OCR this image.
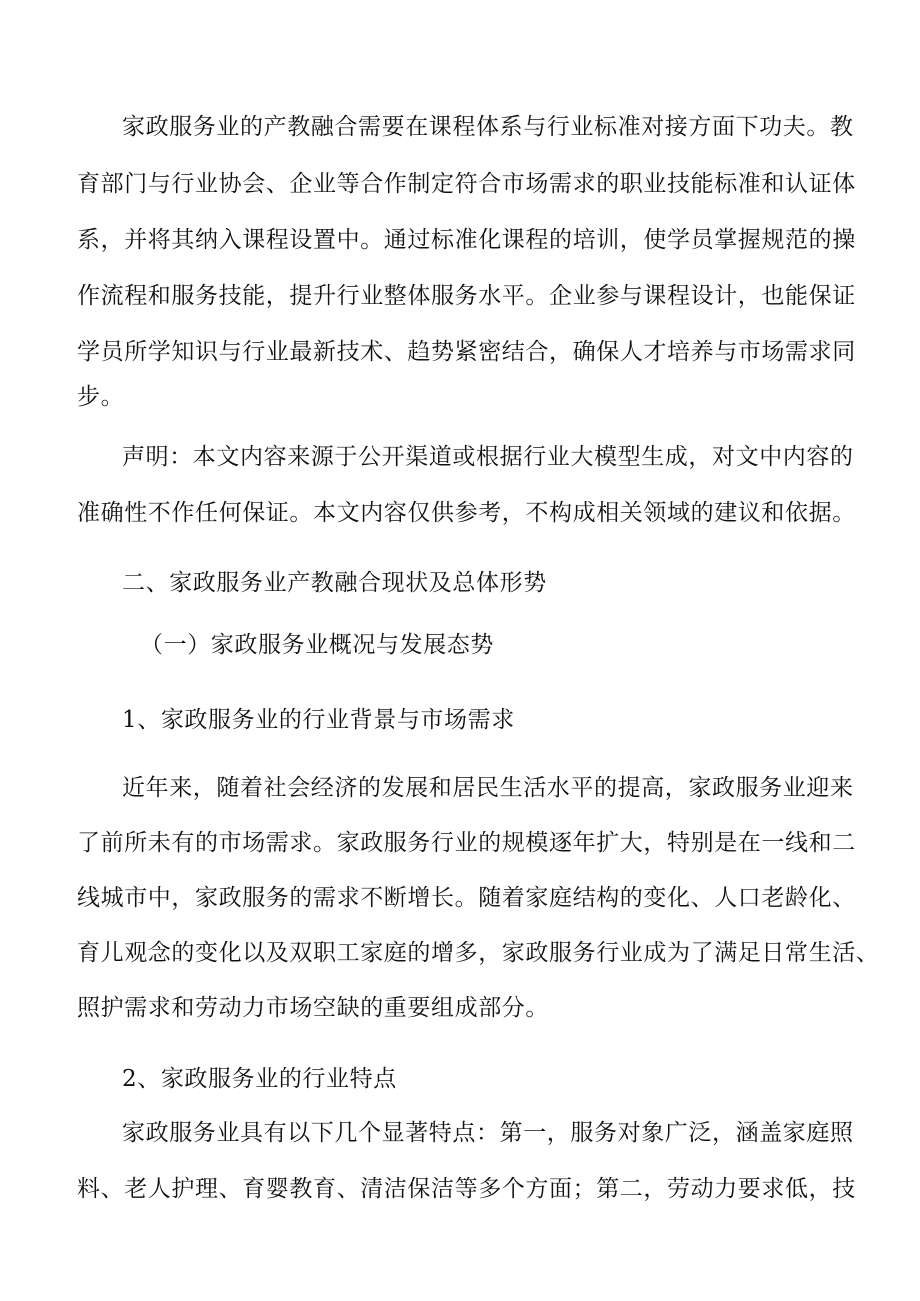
家政服务业的产教融合需要在课程体系与行业标准对接方面下功夫。教
育部门与行业协会、企业等合作制定符合市场需求的职业技能标准和认证体
系，并将其纳入课程设置中。通过标准化课程的培训，使学员掌握规范的操
作流程和服务技能，提升行业整体服务水平。企业参与课程设计，也能保证
学员所学知识与行业最新技术、趋势紧密结合，确保人才培养与市场需求同
步。
声明：本文内容来源于公开渠道或根据行业大模型生成，对文中内容的
准确性不作任何保证。本文内容仅供参考，不构成相关领域的建议和依据。
二、家政服务业产教融合现状及总体形势
（一）家政服务业概况与发展态势
1、家政服务业的行业背景与市场需求
近年来，随着社会经济的发展和居民生活水平的提高，家政服务业迎来
了前所未有的市场需求。家政服务行业的规模逐年扩大，特别是在一线和二
线城市中，家政服务的需求不断增长。随着家庭结构的变化、人口老龄化、
育儿观念的变化以及双职工家庭的增多，家政服务行业成为了满足日常生活、
照护需求和劳动力市场空缺的重要组成部分。
2、家政服务业的行业特点
家政服务业具有以下几个显著特点：第一，服务对象广泛，涵盖家庭照
料、老人护理、育婴教育、清洁保洁等多个方面；第二，劳动力要求低，技
